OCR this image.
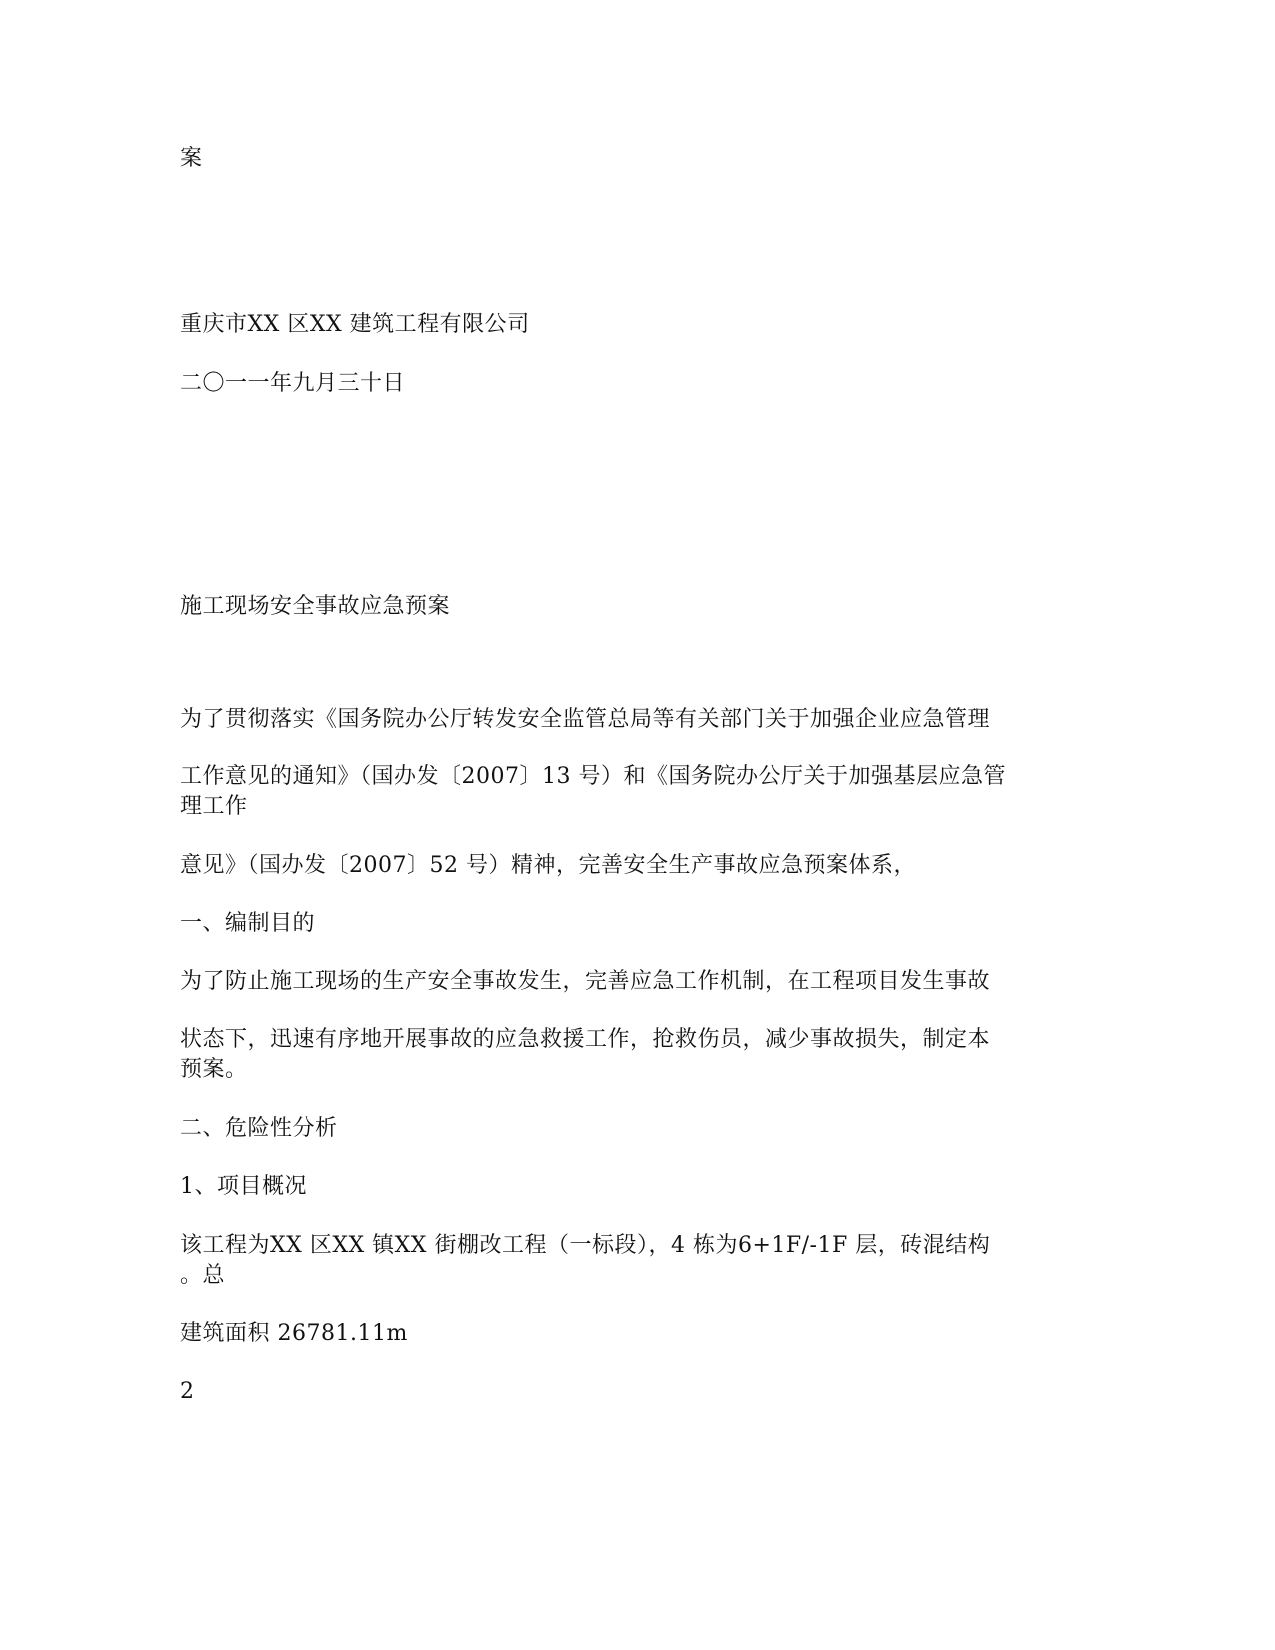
案
重庆市XX 区XX 建筑工程有限公司
二〇一一年九月三十日
施工现场安全事故应急预案
为了贯彻落实《国务院办公厅转发安全监管总局等有关部门关于加强企业应急管理
工作意见的通知》（国办发〔2007〕13 号）和《国务院办公厅关于加强基层应急管
理工作
意见》（国办发〔2007〕52 号）精神，完善安全生产事故应急预案体系，
一、编制目的
为了防止施工现场的生产安全事故发生，完善应急工作机制，在工程项目发生事故
状态下，迅速有序地开展事故的应急救援工作，抢救伤员，减少事故损失，制定本
预案。
二、危险性分析
1、项目概况
该工程为XX 区XX 镇XX 街棚改工程（一标段），4 栋为6+1F/-1F 层，砖混结构
。总
建筑面积 26781.11m
2
